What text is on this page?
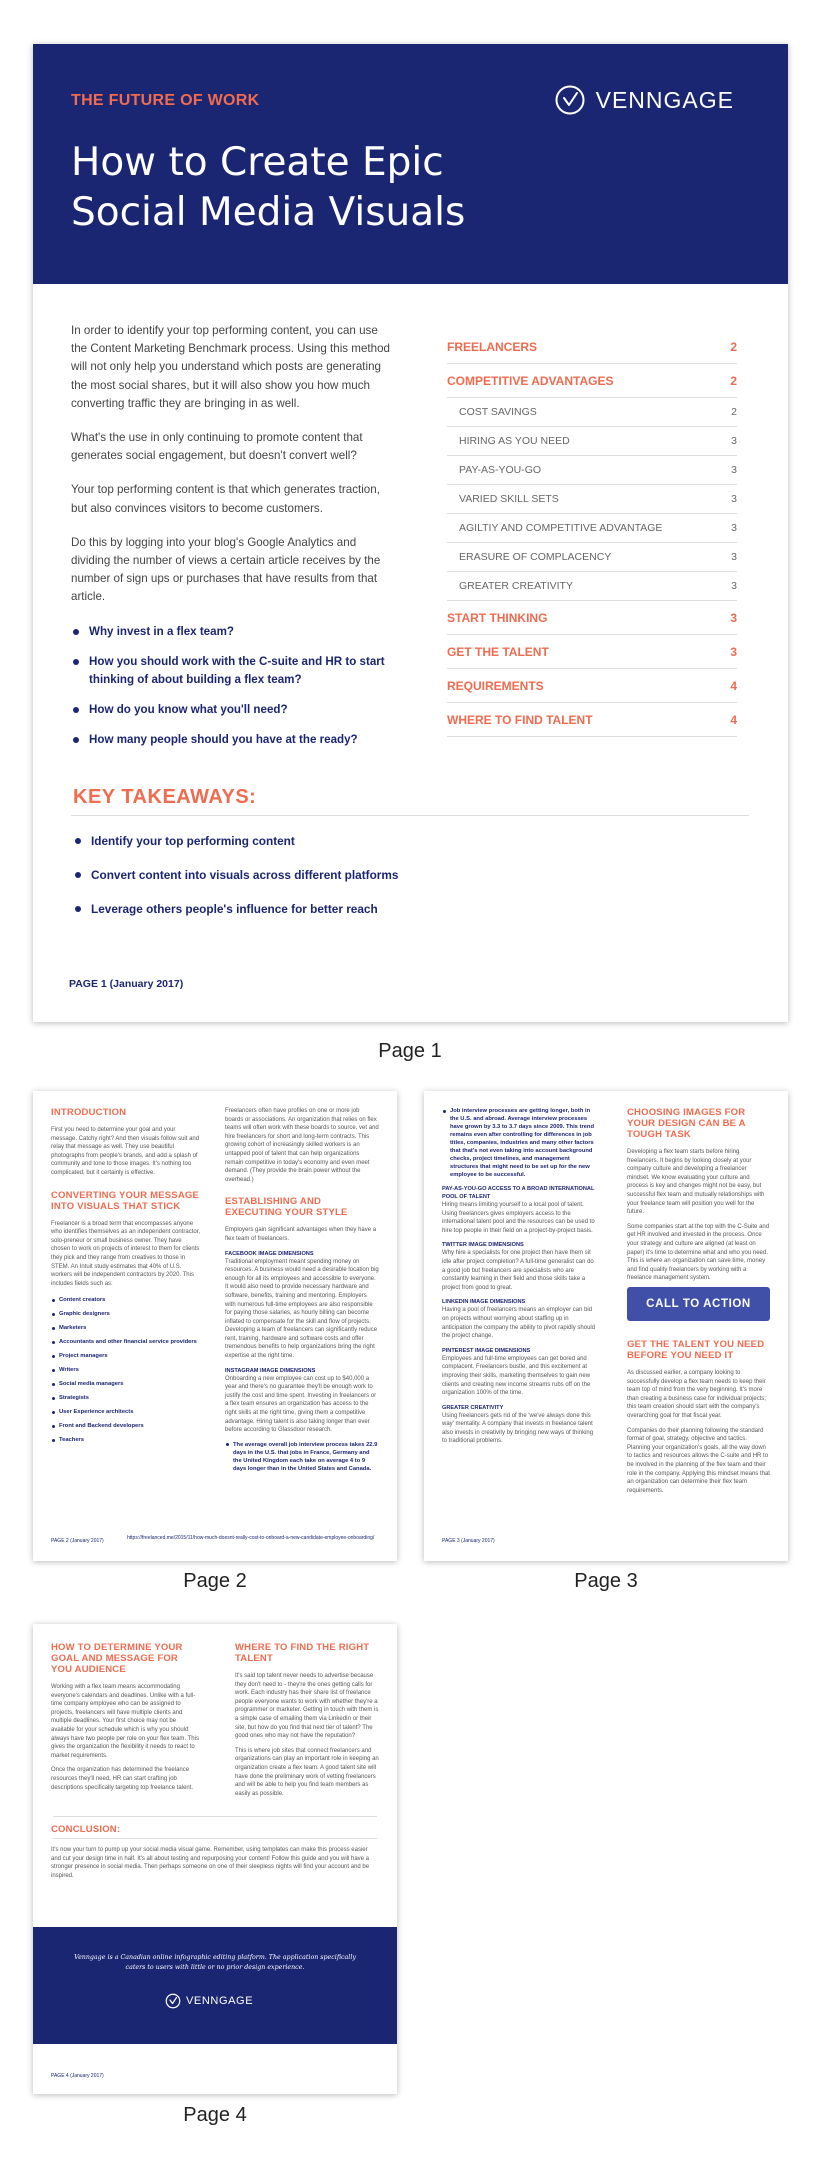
THE FUTURE OF WORK
How to Create Epic Social Media Visuals
VENNGAGE

In order to identify your top performing content, you can use the Content Marketing Benchmark process. Using this method will not only help you understand which posts are generating the most social shares, but it will also show you how much converting traffic they are bringing in as well.

What's the use in only continuing to promote content that generates social engagement, but doesn't convert well?

Your top performing content is that which generates traction, but also convinces visitors to become customers.

Do this by logging into your blog's Google Analytics and dividing the number of views a certain article receives by the number of sign ups or purchases that have results from that article.

Why invest in a flex team?
How you should work with the C-suite and HR to start thinking of about building a flex team?
How do you know what you'll need?
How many people should you have at the ready?
FREELANCERS	2
COMPETITIVE ADVANTAGES	2
COST SAVINGS	2
HIRING AS YOU NEED	3
PAY-AS-YOU-GO	3
VARIED SKILL SETS	3
AGILTIY AND COMPETITIVE ADVANTAGE	3
ERASURE OF COMPLACENCY	3
GREATER CREATIVITY	3
START THINKING	3
GET THE TALENT	3
REQUIREMENTS	4
WHERE TO FIND TALENT	4
KEY TAKEAWAYS:
Identify your top performing content
Convert content into visuals across different platforms
Leverage others people's influence for better reach
PAGE 1 (January 2017)
Page 1
INTRODUCTION

First you need to determine your goal and your message. Catchy right? And then visuals follow suit and relay that message as well. They use beautiful photographs from people's brands, and add a splash of community and tone to those images. It's nothing too complicated, but it certainly is effective.

CONVERTING YOUR MESSAGE INTO VISUALS THAT STICK

Freelancer is a broad term that encompasses anyone who identifies themselves as an independent contractor, solo-preneur or small business owner. They have chosen to work on projects of interest to them for clients they pick and they range from creatives to those in STEM. An Intuit study estimates that 40% of U.S. workers will be independent contractors by 2020. This includes fields such as:

Content creators
Graphic designers
Marketers
Accountants and other financial service providers
Project managers
Writers
Social media managers
Strategists
User Experience architects
Front and Backend developers
Teachers

Freelancers often have profiles on one or more job boards or associations. An organization that relies on flex teams will often work with these boards to source, vet and hire freelancers for short and long-term contracts. This growing cohort of increasingly skilled workers is an untapped pool of talent that can help organizations remain competitive in today's economy and even meet demand. (They provide the brain power without the overhead.)

ESTABLISHING AND EXECUTING YOUR STYLE

Employers gain significant advantages when they have a flex team of freelancers.

FACEBOOK IMAGE DIMENSIONS

Traditional employment meant spending money on resources. A business would need a desirable location big enough for all its employees and accessible to everyone. It would also need to provide necessary hardware and software, benefits, training and mentoring. Employers with numerous full-time employees are also responsible for paying those salaries, as hourly billing can become inflated to compensate for the skill and flow of projects. Developing a team of freelancers can significantly reduce rent, training, hardware and software costs and offer tremendous benefits to help organizations bring the right expertise at the right time.

INSTAGRAM IMAGE DIMENSIONS

Onboarding a new employee can cost up to $40,000 a year and there's no guarantee they'll be enough work to justify the cost and time spent. Investing in freelancers or a flex team ensures an organization has access to the right skills at the right time, giving them a competitive advantage. Hiring talent is also taking longer than ever before according to Glassdoor research.

The average overall job interview process takes 22.9 days in the U.S. that jobs in France, Germany and the United Kingdom each take on average 4 to 9 days longer than in the United States and Canada.
PAGE 2 (January 2017)	https://freelanced.me/2015/11/how-much-doesnt-really-cost-to-onboard-a-new-candidate-employee-onboarding/
Page 2
Job interview processes are getting longer, both in the U.S. and abroad. Average interview processes have grown by 3.3 to 3.7 days since 2009. This trend remains even after controlling for differences in job titles, companies, industries and many other factors that that's not even taking into account background checks, project timelines, and management structures that might need to be set up for the new employee to be successful.
PAY-AS-YOU-GO ACCESS TO A BROAD INTERNATIONAL POOL OF TALENT

Hiring means limiting yourself to a local pool of talent. Using freelancers gives employers access to the international talent pool and the resources can be used to hire top people in their field on a project-by-project basis.

TWITTER IMAGE DIMENSIONS

Why hire a specialists for one project then have them sit idle after project completion? A full-time generalist can do a good job but freelancers are specialists who are constantly learning in their field and those skills take a project from good to great.

LINKEDIN IMAGE DIMENSIONS

Having a pool of freelancers means an employer can bid on projects without worrying about staffing up in anticipation the company the ability to pivot rapidly should the project change.

PINTEREST IMAGE DIMENSIONS

Employees and full-time employees can get bored and complacent. Freelancers bustle, and this excitement at improving their skills, marketing themselves to gain new clients and creating new income streams rubs off on the organization 100% of the time.

GREATER CREATIVITY

Using freelancers gets rid of the 'we've always done this way' mentality. A company that invests in freelance talent also invests in creativity by bringing new ways of thinking to traditional problems.

CHOOSING IMAGES FOR YOUR DESIGN CAN BE A TOUGH TASK

Developing a flex team starts before hiring freelancers. It begins by looking closely at your company culture and developing a freelancer mindset. We know evaluating your culture and process is key and changes might not be easy, but successful flex team and mutually relationships with your freelance team will position you well for the future.

Some companies start at the top with the C-Suite and get HR involved and invested in the process. Once your strategy and culture are aligned (at least on paper) it's time to determine what and who you need. This is where an organization can save time, money and find quality freelancers by working with a freelance management system.

CALL TO ACTION
GET THE TALENT YOU NEED BEFORE YOU NEED IT

As discussed earlier, a company looking to successfully develop a flex team needs to keep their team top of mind from the very beginning. It's more than creating a business case for individual projects; this team creation should start with the company's overarching goal for that fiscal year.

Companies do their planning following the standard format of goal, strategy, objective and tactics. Planning your organization's goals, all the way down to tactics and resources allows the C-suite and HR to be involved in the planning of the flex team and their role in the company. Applying this mindset means that an organization can determine their flex team requirements.

PAGE 3 (January 2017)
Page 3
HOW TO DETERMINE YOUR GOAL AND MESSAGE FOR YOU AUDIENCE

Working with a flex team means accommodating everyone's calendars and deadlines. Unlike with a full-time company employee who can be assigned to projects, freelancers will have multiple clients and multiple deadlines. Your first choice may not be available for your schedule which is why you should always have two people per role on your flex team. This gives the organization the flexibility it needs to react to market requirements.

Once the organization has determined the freelance resources they'll need, HR can start crafting job descriptions specifically targeting top freelance talent.

WHERE TO FIND THE RIGHT TALENT

It's said top talent never needs to advertise because they don't need to - they're the ones getting calls for work. Each industry has their share list of freelance people everyone wants to work with whether they're a programmer or marketer. Getting in touch with them is a simple case of emailing them via LinkedIn or their site, but how do you find that next tier of talent? The good ones who may not have the reputation?

This is where job sites that connect freelancers and organizations can play an important role in keeping an organization create a flex team. A good talent site will have done the preliminary work of vetting freelancers and will be able to help you find team members as easily as possible.

CONCLUSION:

It's now your turn to pump up your social media visual game. Remember, using templates can make this process easier and cut your design time in half. It's all about testing and repurposing your content! Follow this guide and you will have a stronger presence in social media. Then perhaps someone on one of their sleepless nights will find your account and be inspired.

Venngage is a Canadian online infographic editing platform. The application specifically caters to users with little or no prior design experience.
VENNGAGE
PAGE 4 (January 2017)
Page 4
